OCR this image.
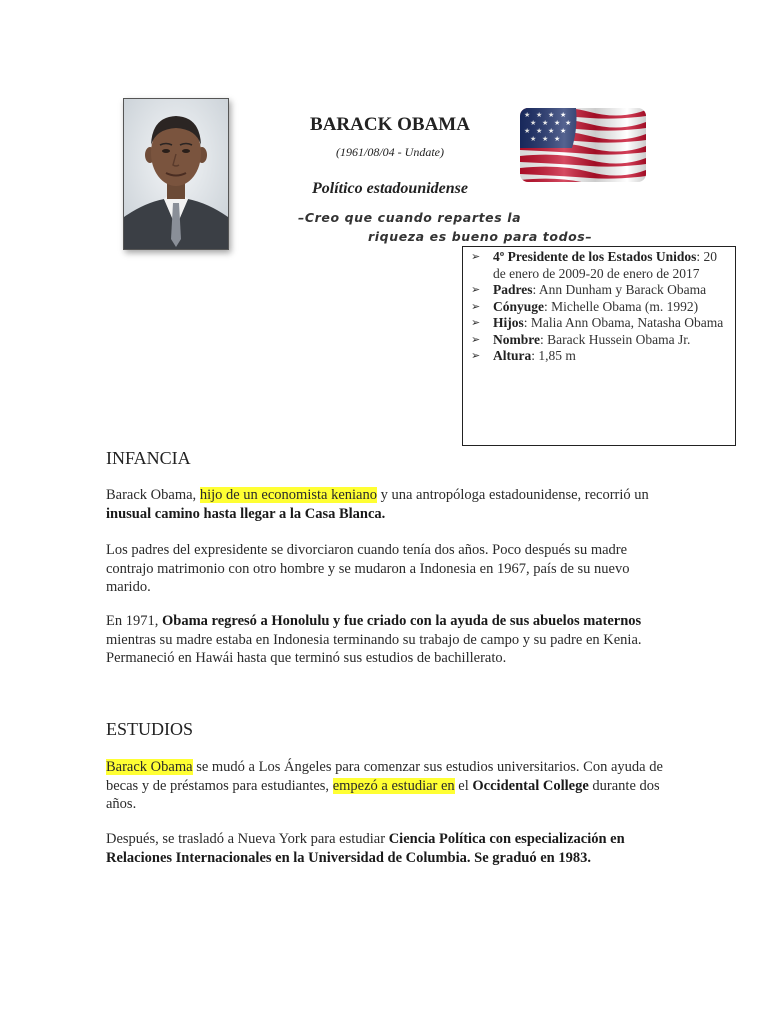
BARACK OBAMA
(1961/08/04 - Undate)
Político estadounidense
–Creo que cuando repartes la
riqueza es bueno para todos–
➢ 4º Presidente de los Estados Unidos: 20 de enero de 2009-20 de enero de 2017
➢ Padres: Ann Dunham y Barack Obama
➢ Cónyuge: Michelle Obama (m. 1992)
➢ Hijos: Malia Ann Obama, Natasha Obama
➢ Nombre: Barack Hussein Obama Jr.
➢ Altura: 1,85 m
INFANCIA

Barack Obama, hijo de un economista keniano y una antropóloga estadounidense, recorrió un inusual camino hasta llegar a la Casa Blanca.

Los padres del expresidente se divorciaron cuando tenía dos años. Poco después su madre contrajo matrimonio con otro hombre y se mudaron a Indonesia en 1967, país de su nuevo marido.

En 1971, Obama regresó a Honolulu y fue criado con la ayuda de sus abuelos maternos mientras su madre estaba en Indonesia terminando su trabajo de campo y su padre en Kenia. Permaneció en Hawái hasta que terminó sus estudios de bachillerato.

ESTUDIOS

Barack Obama se mudó a Los Ángeles para comenzar sus estudios universitarios. Con ayuda de becas y de préstamos para estudiantes, empezó a estudiar en el Occidental College durante dos años.

Después, se trasladó a Nueva York para estudiar Ciencia Política con especialización en Relaciones Internacionales en la Universidad de Columbia. Se graduó en 1983.
